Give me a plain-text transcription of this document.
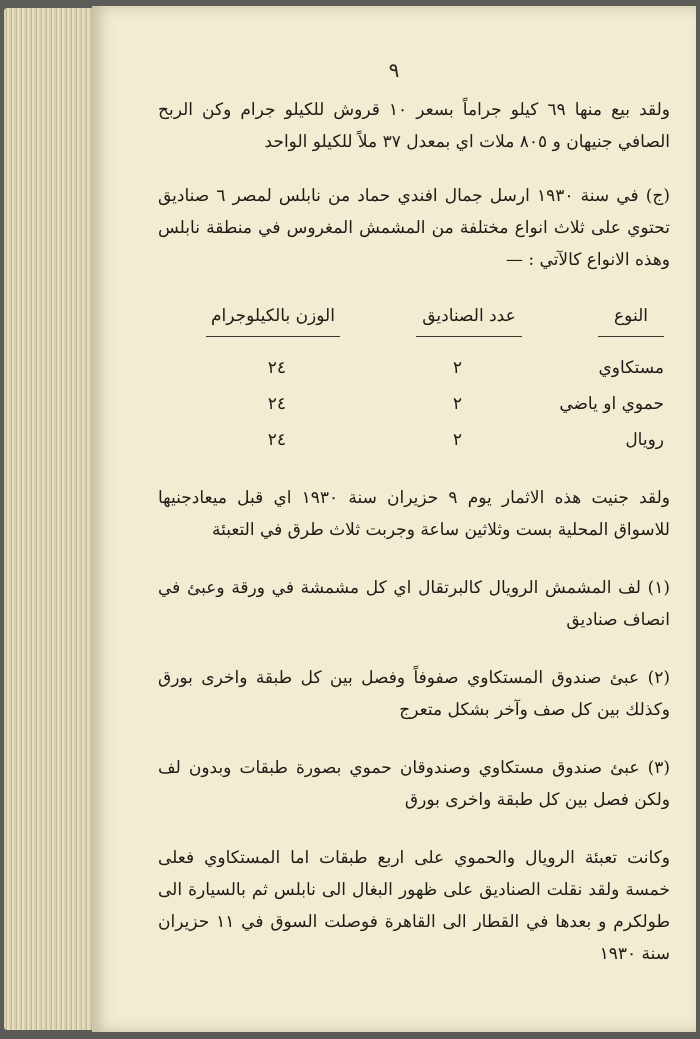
٩

ولقد بيع منها ٦٩ كيلو جراماً بسعر ١٠ قروش للكيلو جرام وكن الربح الصافي جنيهان و ٨٠٥ ملات اي بمعدل ٣٧ ملاً للكيلو الواحد

(ج) في سنة ١٩٣٠ ارسل جمال افندي حماد من نابلس لمصر ٦ صناديق تحتوي على ثلاث انواع مختلفة من المشمش المغروس في منطقة نابلس وهذه الانواع كالآتي : —

النوع
عدد الصناديق
الوزن بالكيلوجرام
مستكاوي
٢
٢٤
حموي او ياضي
٢
٢٤
رويال
٢
٢٤

ولقد جنيت هذه الاثمار يوم ٩ حزيران سنة ١٩٣٠ اي قبل ميعادجنيها للاسواق المحلية بست وثلاثين ساعة وجربت ثلاث طرق في التعبئة

(١) لف المشمش الرويال كالبرتقال اي كل مشمشة في ورقة وعبئ في انصاف صناديق

(٢) عبئ صندوق المستكاوي صفوفاً وفصل بين كل طبقة واخرى بورق وكذلك بين كل صف وآخر بشكل متعرج

(٣) عبئ صندوق مستكاوي وصندوقان حموي بصورة طبقات وبدون لف ولكن فصل بين كل طبقة واخرى بورق

وكانت تعبئة الرويال والحموي على اربع طبقات اما المستكاوي فعلى خمسة ولقد نقلت الصناديق على ظهور البغال الى نابلس ثم بالسيارة الى طولكرم و بعدها في القطار الى القاهرة فوصلت السوق في ١١ حزيران سنة ١٩٣٠
